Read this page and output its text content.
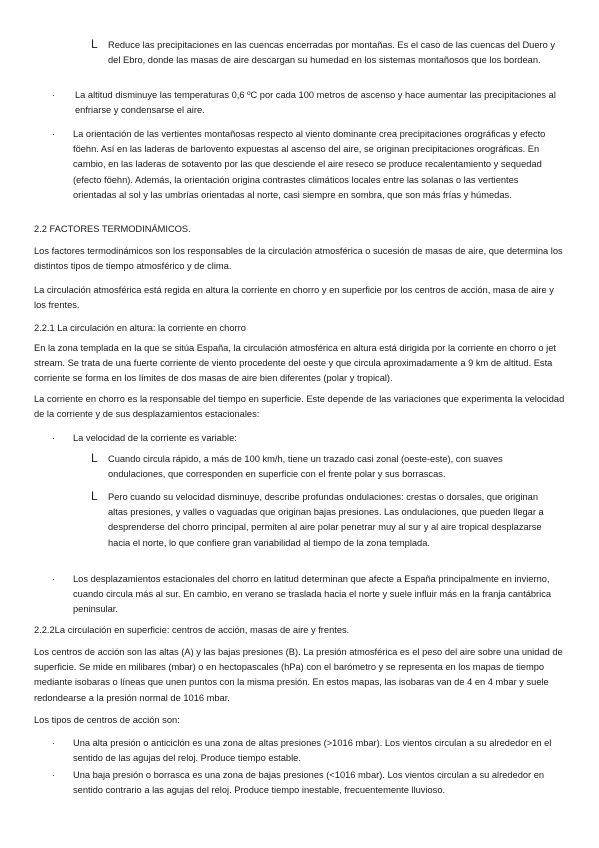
L Reduce las precipitaciones en las cuencas encerradas por montañas. Es el caso de las cuencas del Duero y del Ebro, donde las masas de aire descargan su humedad en los sistemas montañosos que los bordean.

· La altitud disminuye las temperaturas 0,6 ºC por cada 100 metros de ascenso y hace aumentar las precipitaciones al enfriarse y condensarse el aire.

· La orientación de las vertientes montañosas respecto al viento dominante crea precipitaciones orográficas y efecto föehn. Así en las laderas de barlovento expuestas al ascenso del aire, se originan precipitaciones orográficas. En cambio, en las laderas de sotavento por las que desciende el aire reseco se produce recalentamiento y sequedad (efecto föehn). Además, la orientación origina contrastes climáticos locales entre las solanas o las vertientes orientadas al sol y las umbrías orientadas al norte, casi siempre en sombra, que son más frías y húmedas.

2.2 FACTORES TERMODINÁMICOS.

Los factores termodinámicos son los responsables de la circulación atmosférica o sucesión de masas de aire, que determina los distintos tipos de tiempo atmosférico y de clima.

La circulación atmosférica está regida en altura la corriente en chorro y en superficie por los centros de acción, masa de aire y los frentes.

2.2.1 La circulación en altura: la corriente en chorro

En la zona templada en la que se sitúa España, la circulación atmosférica en altura está dirigida por la corriente en chorro o jet stream. Se trata de una fuerte corriente de viento procedente del oeste y que circula aproximadamente a 9 km de altitud. Esta corriente se forma en los límites de dos masas de aire bien diferentes (polar y tropical).

La corriente en chorro es la responsable del tiempo en superficie. Este depende de las variaciones que experimenta la velocidad de la corriente y de sus desplazamientos estacionales:

· La velocidad de la corriente es variable:

L Cuando circula rápido, a más de 100 km/h, tiene un trazado casi zonal (oeste-este), con suaves ondulaciones, que corresponden en superficie con el frente polar y sus borrascas.

L Pero cuando su velocidad disminuye, describe profundas ondulaciones: crestas o dorsales, que originan altas presiones, y valles o vaguadas que originan bajas presiones. Las ondulaciones, que pueden llegar a desprenderse del chorro principal, permiten al aire polar penetrar muy al sur y al aire tropical desplazarse hacia el norte, lo que confiere gran variabilidad al tiempo de la zona templada.

· Los desplazamientos estacionales del chorro en latitud determinan que afecte a España principalmente en invierno, cuando circula más al sur. En cambio, en verano se traslada hacia el norte y suele influir más en la franja cantábrica peninsular.

2.2.2La circulación en superficie: centros de acción, masas de aire y frentes.

Los centros de acción son las altas (A) y las bajas presiones (B). La presión atmosférica es el peso del aire sobre una unidad de superficie. Se mide en milibares (mbar) o en hectopascales (hPa) con el barómetro y se representa en los mapas de tiempo mediante isobaras o líneas que unen puntos con la misma presión. En estos mapas, las isobaras van de 4 en 4 mbar y suele redondearse a la presión normal de 1016 mbar.

Los tipos de centros de acción son:

· Una alta presión o anticiclón es una zona de altas presiones (>1016 mbar). Los vientos circulan a su alrededor en el sentido de las agujas del reloj. Produce tiempo estable.

· Una baja presión o borrasca es una zona de bajas presiones (<1016 mbar). Los vientos circulan a su alrededor en sentido contrario a las agujas del reloj. Produce tiempo inestable, frecuentemente lluvioso.
